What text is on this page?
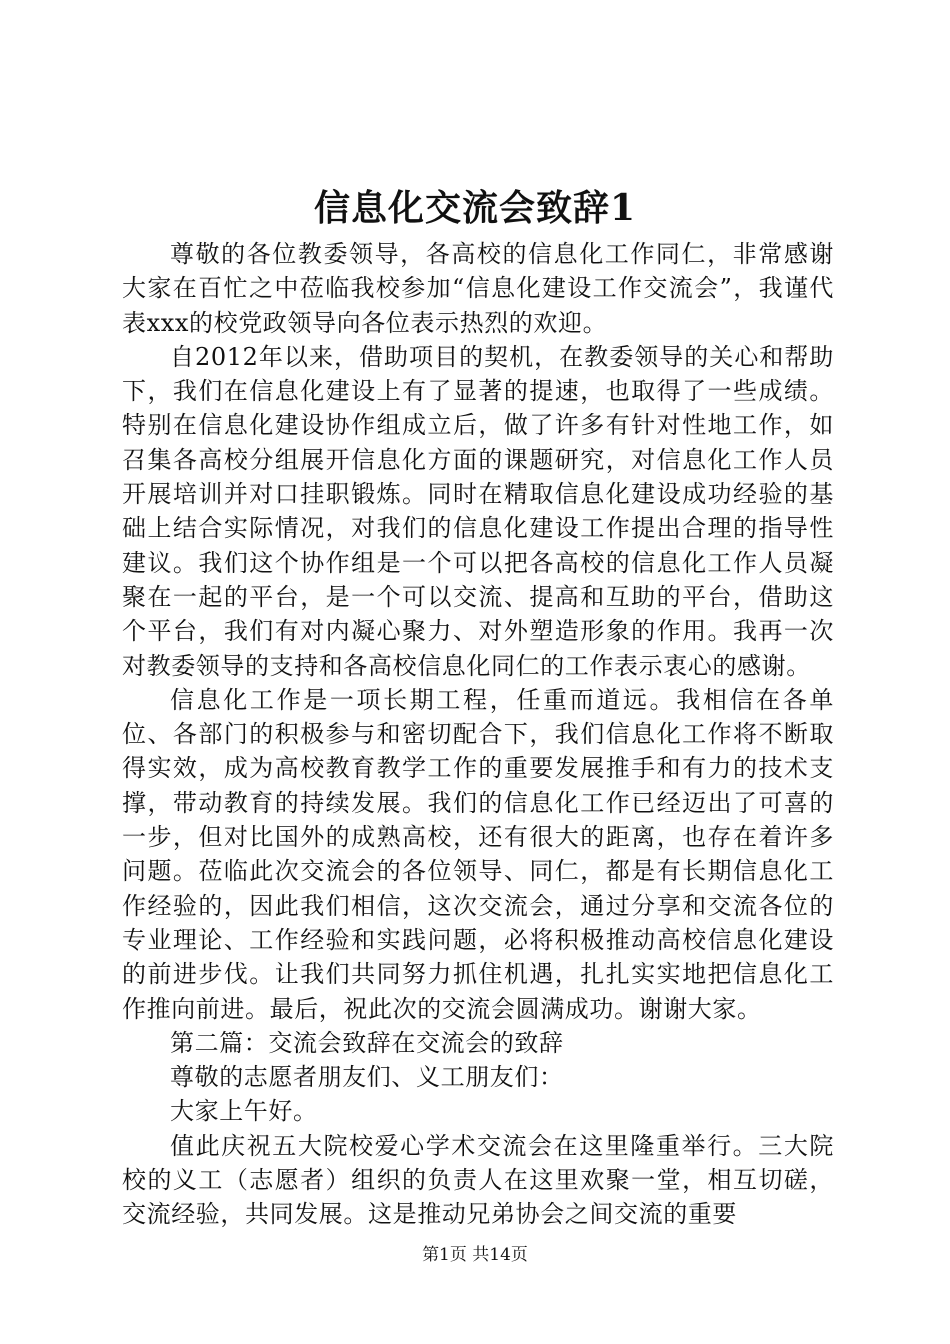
信息化交流会致辞1

尊敬的各位教委领导，各高校的信息化工作同仁，非常感谢大家在百忙之中莅临我校参加“信息化建设工作交流会”，我谨代表xxx的校党政领导向各位表示热烈的欢迎。

自2012年以来，借助项目的契机，在教委领导的关心和帮助下，我们在信息化建设上有了显著的提速，也取得了一些成绩。特别在信息化建设协作组成立后，做了许多有针对性地工作，如召集各高校分组展开信息化方面的课题研究，对信息化工作人员开展培训并对口挂职锻炼。同时在精取信息化建设成功经验的基础上结合实际情况，对我们的信息化建设工作提出合理的指导性建议。我们这个协作组是一个可以把各高校的信息化工作人员凝聚在一起的平台，是一个可以交流、提高和互助的平台，借助这个平台，我们有对内凝心聚力、对外塑造形象的作用。我再一次对教委领导的支持和各高校信息化同仁的工作表示衷心的感谢。

信息化工作是一项长期工程，任重而道远。我相信在各单位、各部门的积极参与和密切配合下，我们信息化工作将不断取得实效，成为高校教育教学工作的重要发展推手和有力的技术支撑，带动教育的持续发展。我们的信息化工作已经迈出了可喜的一步，但对比国外的成熟高校，还有很大的距离，也存在着许多问题。莅临此次交流会的各位领导、同仁，都是有长期信息化工作经验的，因此我们相信，这次交流会，通过分享和交流各位的专业理论、工作经验和实践问题，必将积极推动高校信息化建设的前进步伐。让我们共同努力抓住机遇，扎扎实实地把信息化工作推向前进。最后，祝此次的交流会圆满成功。谢谢大家。

第二篇：交流会致辞在交流会的致辞

尊敬的志愿者朋友们、义工朋友们：

大家上午好。

值此庆祝五大院校爱心学术交流会在这里隆重举行。三大院校的义工（志愿者）组织的负责人在这里欢聚一堂，相互切磋，交流经验，共同发展。这是推动兄弟协会之间交流的重要

第1页 共14页
